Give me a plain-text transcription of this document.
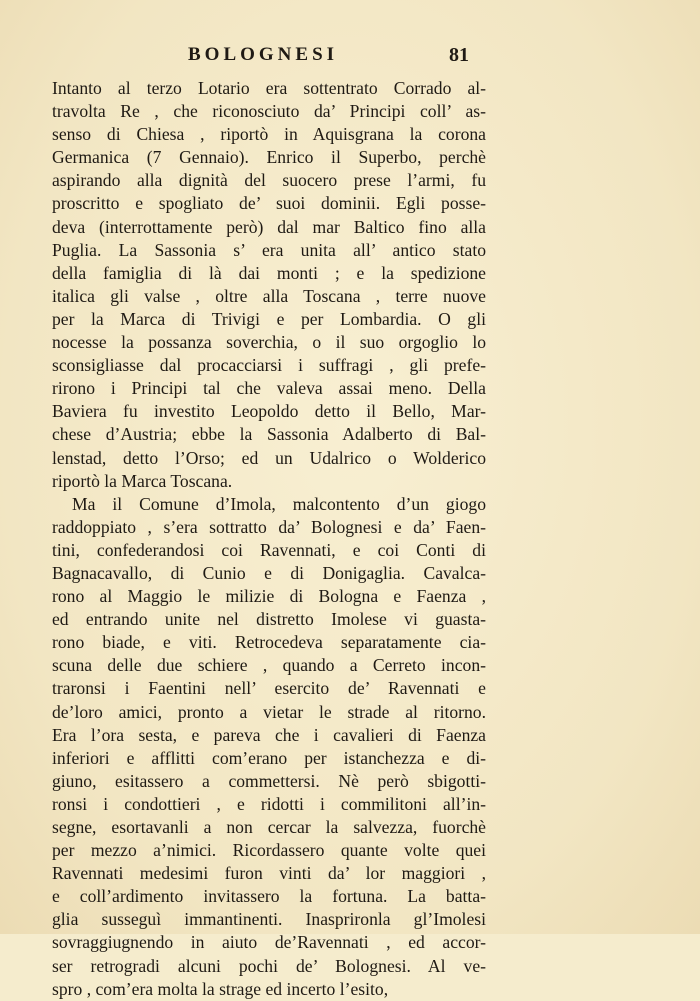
BOLOGNESI	81
Intanto al terzo Lotario era sottentrato Corrado al-
travolta Re , che riconosciuto da’ Principi coll’ as-
senso di Chiesa , riportò in Aquisgrana la corona
Germanica (7 Gennaio). Enrico il Superbo, perchè
aspirando alla dignità del suocero prese l’armi, fu
proscritto e spogliato de’ suoi dominii. Egli posse-
deva (interrottamente però) dal mar Baltico fino alla
Puglia. La Sassonia s’ era unita all’ antico stato
della famiglia di là dai monti ; e la spedizione
italica gli valse , oltre alla Toscana , terre nuove
per la Marca di Trivigi e per Lombardia. O gli
nocesse la possanza soverchia, o il suo orgoglio lo
sconsigliasse dal procacciarsi i suffragi , gli prefe-
rirono i Principi tal che valeva assai meno. Della
Baviera fu investito Leopoldo detto il Bello, Mar-
chese d’Austria; ebbe la Sassonia Adalberto di Bal-
lenstad, detto l’Orso; ed un Udalrico o Wolderico
riportò la Marca Toscana.
Ma il Comune d’Imola, malcontento d’un giogo
raddoppiato , s’era sottratto da’ Bolognesi e da’ Faen-
tini, confederandosi coi Ravennati, e coi Conti di
Bagnacavallo, di Cunio e di Donigaglia. Cavalca-
rono al Maggio le milizie di Bologna e Faenza ,
ed entrando unite nel distretto Imolese vi guasta-
rono biade, e viti. Retrocedeva separatamente cia-
scuna delle due schiere , quando a Cerreto incon-
traronsi i Faentini nell’ esercito de’ Ravennati e
de’loro amici, pronto a vietar le strade al ritorno.
Era l’ora sesta, e pareva che i cavalieri di Faenza
inferiori e afflitti com’erano per istanchezza e di-
giuno, esitassero a commettersi. Nè però sbigotti-
ronsi i condottieri , e ridotti i commilitoni all’in-
segne, esortavanli a non cercar la salvezza, fuorchè
per mezzo a’nimici. Ricordassero quante volte quei
Ravennati medesimi furon vinti da’ lor maggiori ,
e coll’ardimento invitassero la fortuna. La batta-
glia susseguì immantinenti. Inasprironla gl’Imolesi
sovraggiugnendo in aiuto de’Ravennati , ed accor-
ser retrogradi alcuni pochi de’ Bolognesi. Al ve-
spro , com’era molta la strage ed incerto l’esito,
